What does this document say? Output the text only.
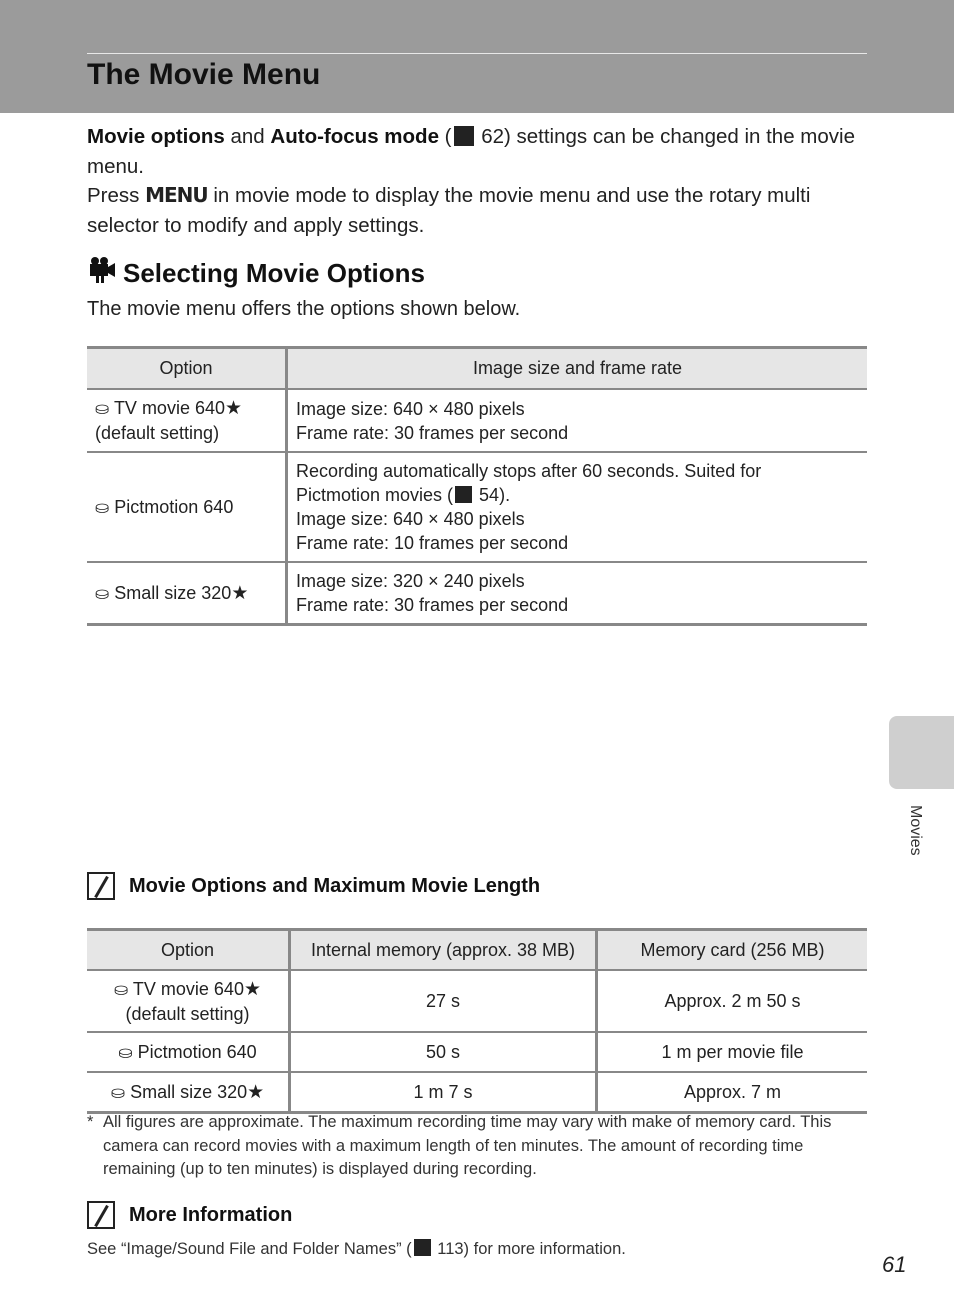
The Movie Menu
Movie options and Auto-focus mode ( 62) settings can be changed in the movie menu.
Press MENU in movie mode to display the movie menu and use the rotary multi selector to modify and apply settings.
Selecting Movie Options
The movie menu offers the options shown below.
Option	Image size and frame rate
⛀ TV movie 640★
(default setting)	Image size: 640 × 480 pixels
Frame rate: 30 frames per second
⛀ Pictmotion 640	Recording automatically stops after 60 seconds. Suited for
Pictmotion movies ( 54).
Image size: 640 × 480 pixels
Frame rate: 10 frames per second
⛀ Small size 320★	Image size: 320 × 240 pixels
Frame rate: 30 frames per second
Movies
Movie Options and Maximum Movie Length
Option	Internal memory (approx. 38 MB)	Memory card (256 MB)
⛀ TV movie 640★
(default setting)	27 s	Approx. 2 m 50 s
⛀ Pictmotion 640	50 s	1 m per movie file
⛀ Small size 320★	1 m 7 s	Approx. 7 m
* All figures are approximate. The maximum recording time may vary with make of memory card. This camera can record movies with a maximum length of ten minutes. The amount of recording time remaining (up to ten minutes) is displayed during recording.
More Information
See “Image/Sound File and Folder Names” ( 113) for more information.
61
